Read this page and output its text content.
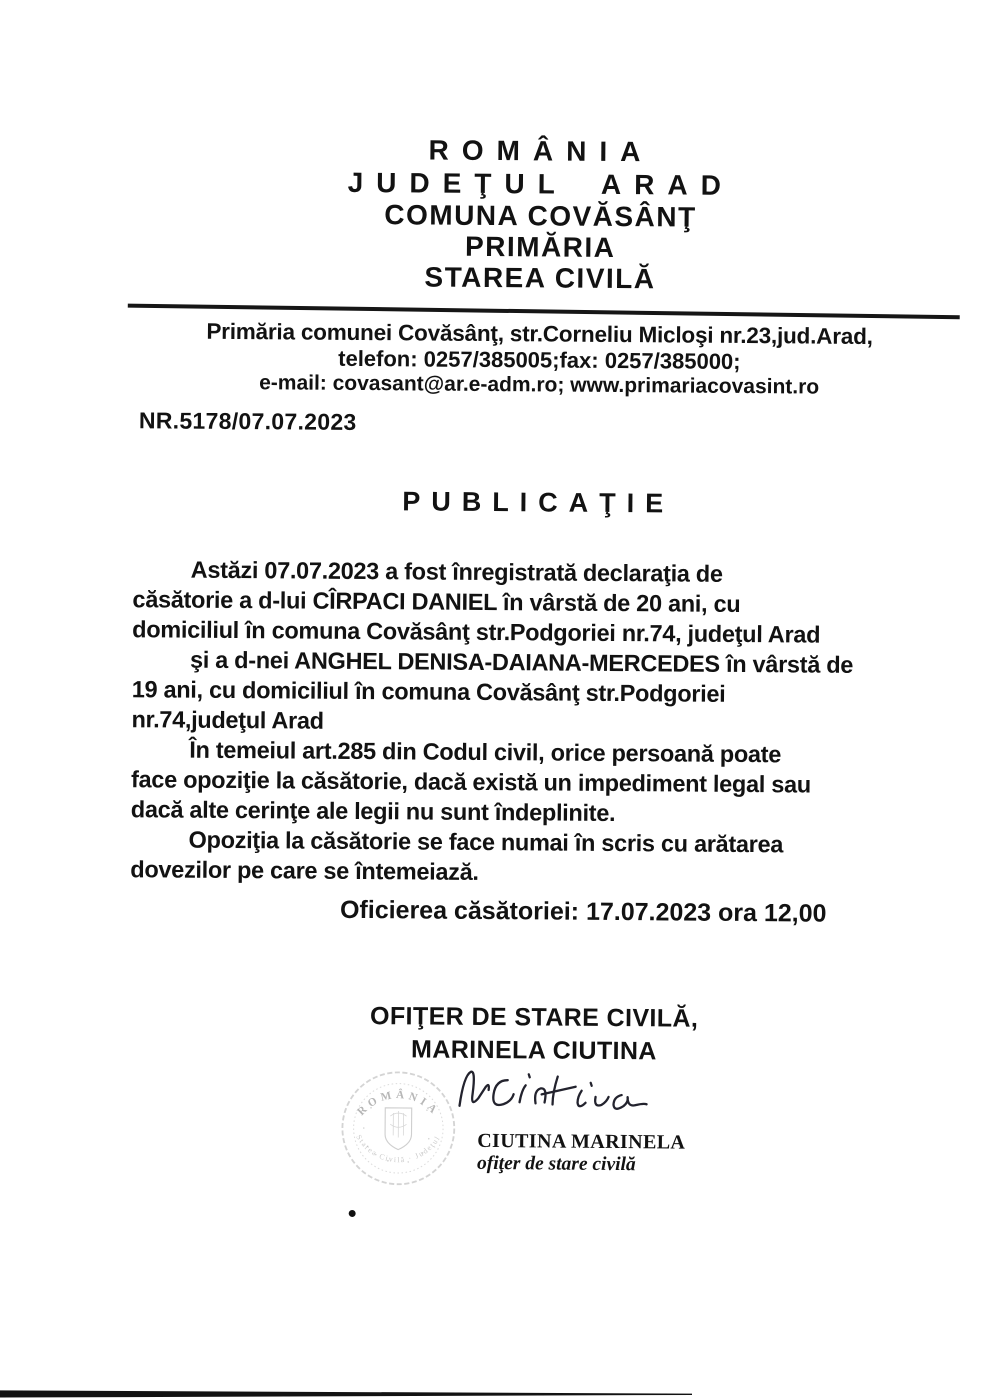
ROMÂNIA
JUDEŢUL ARAD
COMUNA COVĂSÂNŢ
PRIMĂRIA
STAREA CIVILĂ
Primăria comunei Covăsânţ, str.Corneliu Micloşi nr.23,jud.Arad,
telefon: 0257/385005;fax: 0257/385000;
e-mail: covasant@ar.e-adm.ro; www.primariacovasint.ro
NR.5178/07.07.2023
PUBLICAŢIE
Astăzi 07.07.2023 a fost înregistrată declaraţia de
căsătorie a d-lui CÎRPACI DANIEL în vârstă de 20 ani, cu
domiciliul în comuna Covăsânţ str.Podgoriei nr.74, judeţul Arad
şi a d-nei ANGHEL DENISA-DAIANA-MERCEDES în vârstă de
19 ani, cu domiciliul în comuna Covăsânţ str.Podgoriei
nr.74,judeţul Arad
În temeiul art.285 din Codul civil, orice persoană poate
face opoziţie la căsătorie, dacă există un impediment legal sau
dacă alte cerinţe ale legii nu sunt îndeplinite.
Opoziţia la căsătorie se face numai în scris cu arătarea
dovezilor pe care se întemeiază.
Oficierea căsătoriei: 17.07.2023 ora 12,00
OFIŢER DE STARE CIVILĂ,
MARINELA CIUTINA
ROMÂNIA
Starea Civilă · Judeţul CIUTINA MARINELA
ofiţer de stare civilă
